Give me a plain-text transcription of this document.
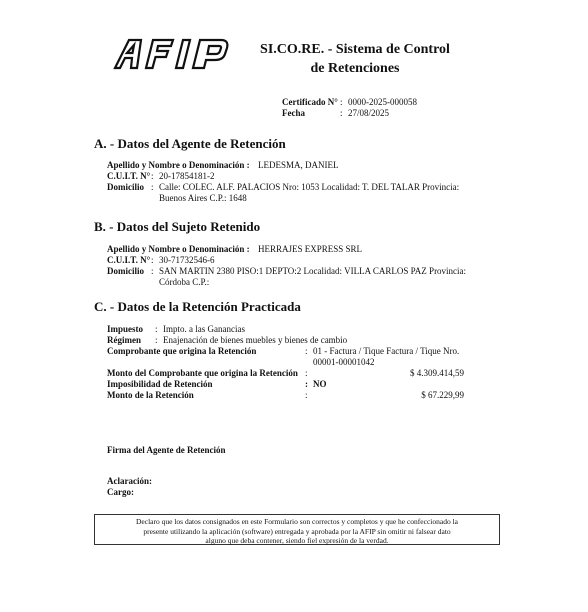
SI.CO.RE. - Sistema de Control
de Retenciones
Certificado N° : 0000-2025-000058
Fecha	: 27/08/2025
A. - Datos del Agente de Retención
Apellido y Nombre o Denominación : LEDESMA, DANIEL
C.U.I.T. N° : 20-17854181-2
Domicilio : Calle: COLEC. ALF. PALACIOS Nro: 1053 Localidad: T. DEL TALAR Provincia: Buenos Aires C.P.: 1648
B. - Datos del Sujeto Retenido
Apellido y Nombre o Denominación : HERRAJES EXPRESS SRL
C.U.I.T. N° : 30-71732546-6
Domicilio : SAN MARTIN 2380 PISO:1 DEPTO:2 Localidad: VILLA CARLOS PAZ Provincia: Córdoba C.P.:
C. - Datos de la Retención Practicada
Impuesto : Impto. a las Ganancias
Régimen : Enajenación de bienes muebles y bienes de cambio
Comprobante que origina la Retención	: 01 - Factura / Tique Factura / Tique Nro. 00001-00001042
Monto del Comprobante que origina la Retención :	$ 4.309.414,59
Imposibilidad de Retención	: NO
Monto de la Retención	:	$ 67.229,99
Firma del Agente de Retención
Aclaración:
Cargo:
Declaro que los datos consignados en este Formulario son correctos y completos y que he confeccionado la
presente utilizando la aplicación (software) entregada y aprobada por la AFIP sin omitir ni falsear dato
alguno que deba contener, siendo fiel expresión de la verdad.
